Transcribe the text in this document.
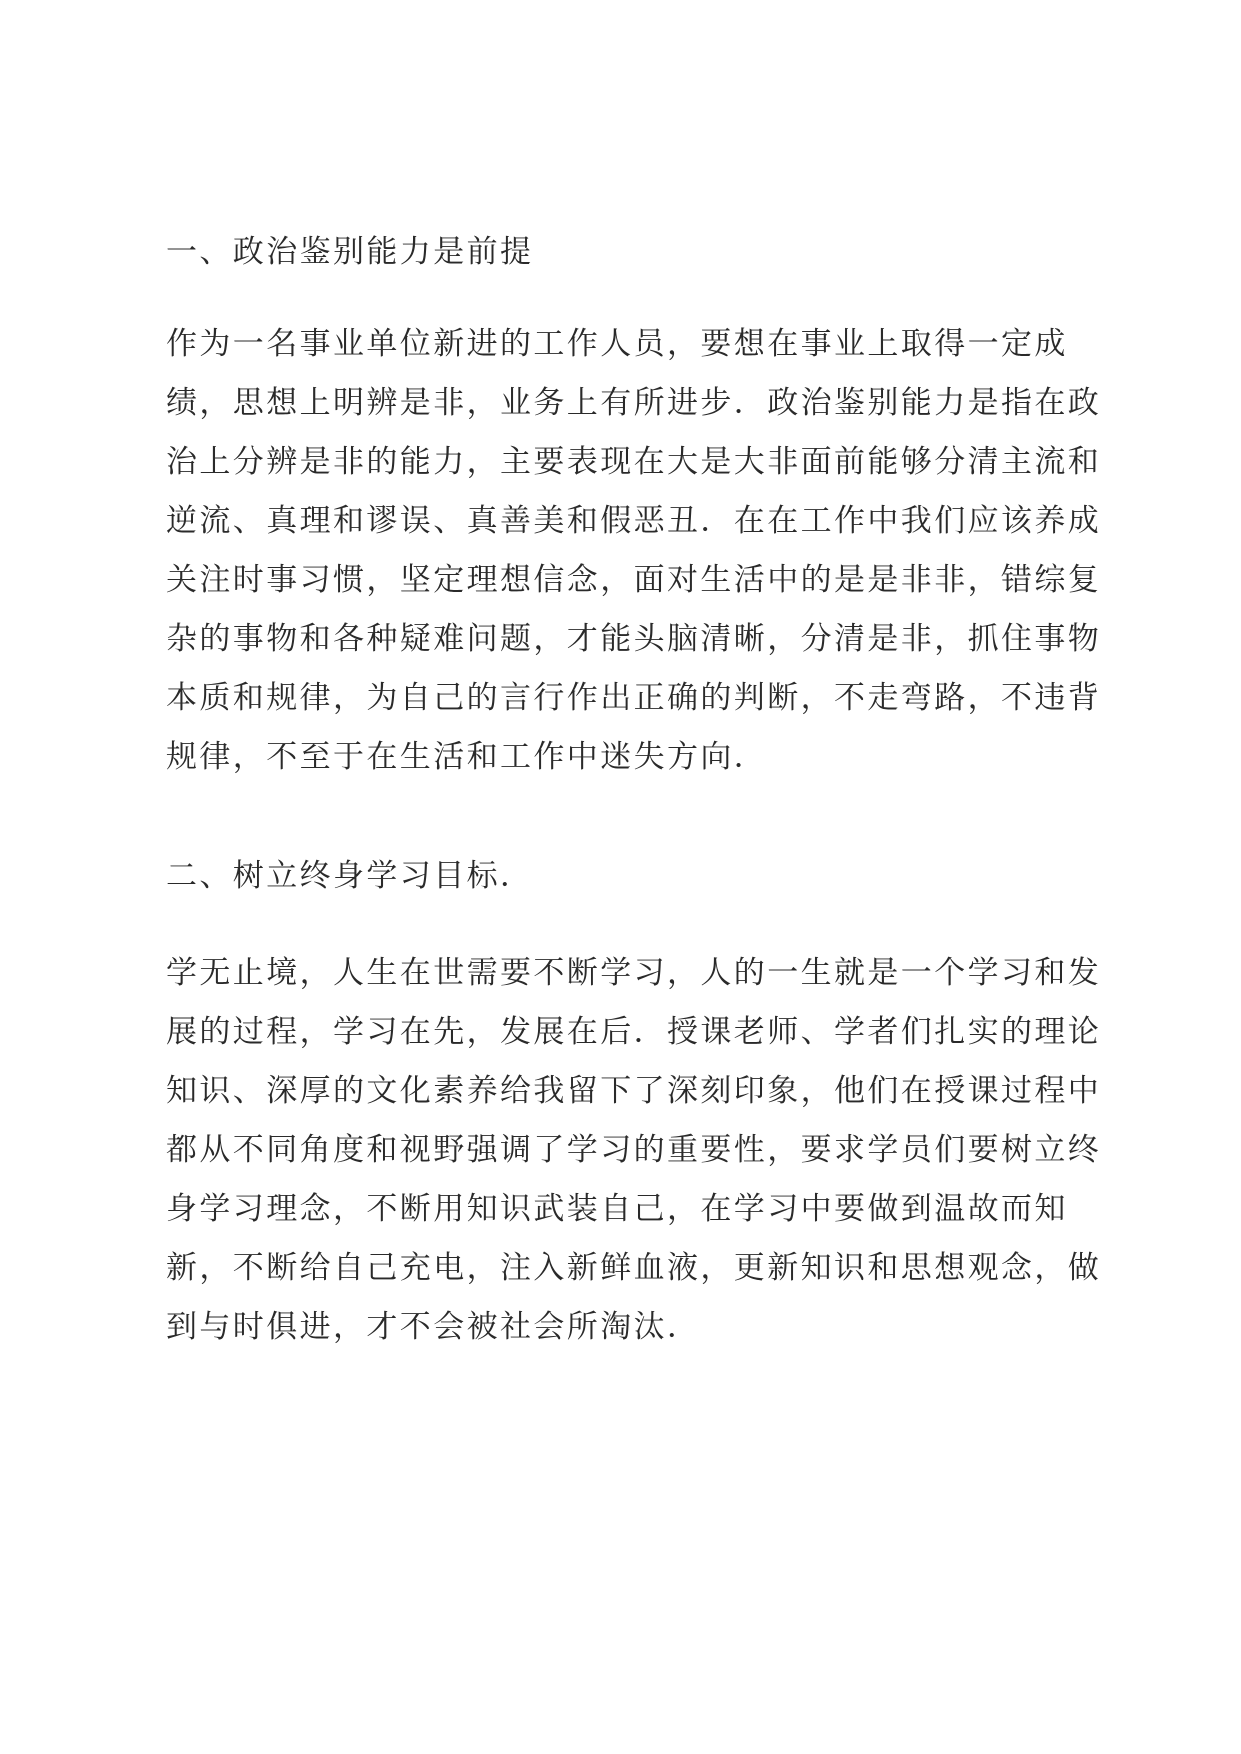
一、政治鉴别能力是前提
作为一名事业单位新进的工作人员，要想在事业上取得一定成
绩，思想上明辨是非，业务上有所进步．政治鉴别能力是指在政
治上分辨是非的能力，主要表现在大是大非面前能够分清主流和
逆流、真理和谬误、真善美和假恶丑．在在工作中我们应该养成
关注时事习惯，坚定理想信念，面对生活中的是是非非，错综复
杂的事物和各种疑难问题，才能头脑清晰，分清是非，抓住事物
本质和规律，为自己的言行作出正确的判断，不走弯路，不违背
规律，不至于在生活和工作中迷失方向．
二、树立终身学习目标．
学无止境，人生在世需要不断学习，人的一生就是一个学习和发
展的过程，学习在先，发展在后．授课老师、学者们扎实的理论
知识、深厚的文化素养给我留下了深刻印象，他们在授课过程中
都从不同角度和视野强调了学习的重要性，要求学员们要树立终
身学习理念，不断用知识武装自己，在学习中要做到温故而知
新，不断给自己充电，注入新鲜血液，更新知识和思想观念，做
到与时俱进，才不会被社会所淘汰．
